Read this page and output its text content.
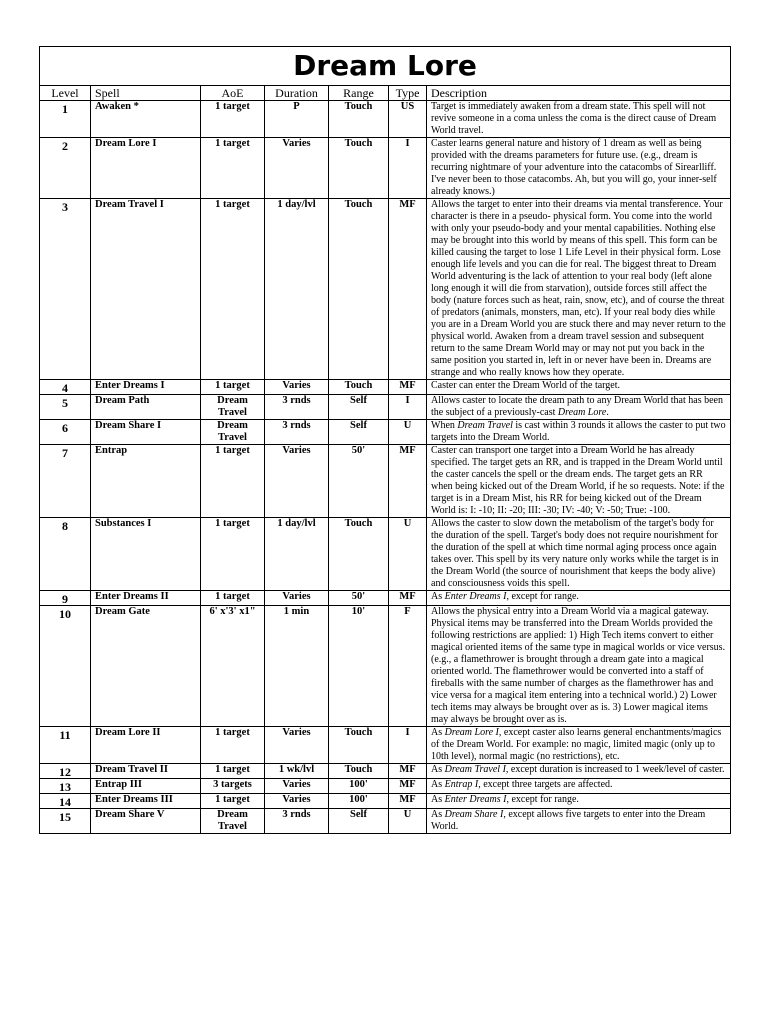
Dream Lore						
Level	Spell	AoE	Duration	Range	Type	Description
1	Awaken *	1 target	P	Touch	US	Target is immediately awaken from a dream state. This spell will not revive someone in a coma unless the coma is the direct cause of Dream World travel.
2	Dream Lore I	1 target	Varies	Touch	I	Caster learns general nature and history of 1 dream as well as being provided with the dreams parameters for future use. (e.g., dream is recurring nightmare of your adventure into the catacombs of Sirearlliff. I've never been to those catacombs. Ah, but you will go, your inner-self already knows.)
3	Dream Travel I	1 target	1 day/lvl	Touch	MF	Allows the target to enter into their dreams via mental transference. Your character is there in a pseudo- physical form. You come into the world with only your pseudo-body and your mental capabilities. Nothing else may be brought into this world by means of this spell. This form can be killed causing the target to lose 1 Life Level in their physical form. Lose enough life levels and you can die for real. The biggest threat to Dream World adventuring is the lack of attention to your real body (left alone long enough it will die from starvation), outside forces still affect the body (nature forces such as heat, rain, snow, etc), and of course the threat of predators (animals, monsters, man, etc). If your real body dies while you are in a Dream World you are stuck there and may never return to the physical world. Awaken from a dream travel session and subsequent return to the same Dream World may or may not put you back in the same position you started in, left in or never have been in. Dreams are strange and who really knows how they operate.
4	Enter Dreams I	1 target	Varies	Touch	MF	Caster can enter the Dream World of the target.
5	Dream Path	Dream Travel	3 rnds	Self	I	Allows caster to locate the dream path to any Dream World that has been the subject of a previously-cast Dream Lore.
6	Dream Share I	Dream Travel	3 rnds	Self	U	When Dream Travel is cast within 3 rounds it allows the caster to put two targets into the Dream World.
7	Entrap	1 target	Varies	50'	MF	Caster can transport one target into a Dream World he has already specified. The target gets an RR, and is trapped in the Dream World until the caster cancels the spell or the dream ends. The target gets an RR when being kicked out of the Dream World, if he so requests. Note: if the target is in a Dream Mist, his RR for being kicked out of the Dream World is: I: -10; II: -20; III: -30; IV: -40; V: -50; True: -100.
8	Substances I	1 target	1 day/lvl	Touch	U	Allows the caster to slow down the metabolism of the target's body for the duration of the spell. Target's body does not require nourishment for the duration of the spell at which time normal aging process once again takes over. This spell by its very nature only works while the target is in the Dream World (the source of nourishment that keeps the body alive) and consciousness voids this spell.
9	Enter Dreams II	1 target	Varies	50'	MF	As Enter Dreams I, except for range.
10	Dream Gate	6' x'3' x1"	1 min	10'	F	Allows the physical entry into a Dream World via a magical gateway. Physical items may be transferred into the Dream Worlds provided the following restrictions are applied: 1) High Tech items convert to either magical oriented items of the same type in magical worlds or vice versus. (e.g., a flamethrower is brought through a dream gate into a magical oriented world. The flamethrower would be converted into a staff of fireballs with the same number of charges as the flamethrower has and vice versa for a magical item entering into a technical world.) 2) Lower tech items may always be brought over as is. 3) Lower magical items may always be brought over as is.
11	Dream Lore II	1 target	Varies	Touch	I	As Dream Lore I, except caster also learns general enchantments/magics of the Dream World. For example: no magic, limited magic (only up to 10th level), normal magic (no restrictions), etc.
12	Dream Travel II	1 target	1 wk/lvl	Touch	MF	As Dream Travel I, except duration is increased to 1 week/level of caster.
13	Entrap III	3 targets	Varies	100'	MF	As Entrap I, except three targets are affected.
14	Enter Dreams III	1 target	Varies	100'	MF	As Enter Dreams I, except for range.
15	Dream Share V	Dream Travel	3 rnds	Self	U	As Dream Share I, except allows five targets to enter into the Dream World.
